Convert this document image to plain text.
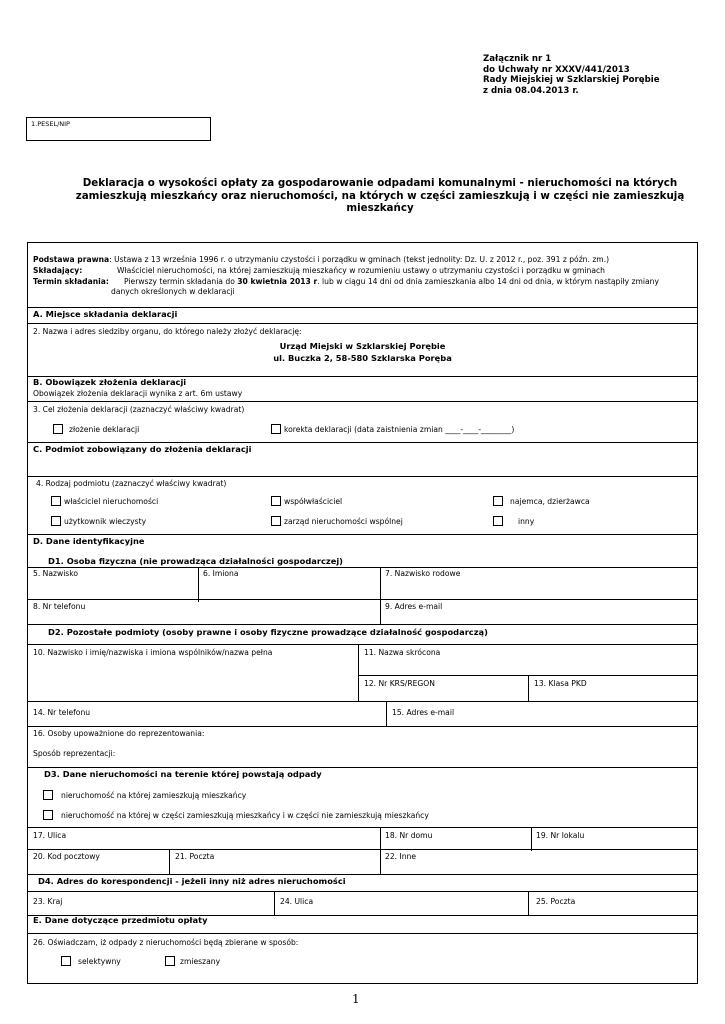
Załącznik nr 1
do Uchwały nr XXXV/441/2013
Rady Miejskiej w Szklarskiej Porębie
z dnia 08.04.2013 r.
1.PESEL/NIP
Deklaracja o wysokości opłaty za gospodarowanie odpadami komunalnymi - nieruchomości na których
zamieszkują mieszkańcy oraz nieruchomości, na których w części zamieszkują i w części nie zamieszkują
mieszkańcy
Podstawa prawna: Ustawa z 13 września 1996 r. o utrzymaniu czystości i porządku w gminach (tekst jednolity: Dz. U. z 2012 r., poz. 391 z późn. zm.)
Składający:	Właściciel nieruchomości, na której zamieszkują mieszkańcy w rozumieniu ustawy o utrzymaniu czystości i porządku w gminach
Termin składania: Pierwszy termin składania do 30 kwietnia 2013 r. lub w ciągu 14 dni od dnia zamieszkania albo 14 dni od dnia, w którym nastąpiły zmiany
danych określonych w deklaracji
A. Miejsce składania deklaracji
2. Nazwa i adres siedziby organu, do którego należy złożyć deklarację:
Urząd Miejski w Szklarskiej Porębie
ul. Buczka 2, 58-580 Szklarska Poręba
B. Obowiązek złożenia deklaracji
Obowiązek złożenia deklaracji wynika z art. 6m ustawy
3. Cel złożenia deklaracji (zaznaczyć właściwy kwadrat)
złożenie deklaracji	korekta deklaracji (data zaistnienia zmian ____-____-________)
C. Podmiot zobowiązany do złożenia deklaracji
4. Rodzaj podmiotu (zaznaczyć właściwy kwadrat)
właściciel nieruchomości	współwłaściciel	najemca, dzierżawca
użytkownik wieczysty	zarząd nieruchomości wspólnej	inny
D. Dane identyfikacyjne
D1. Osoba fizyczna (nie prowadząca działalności gospodarczej)
5. Nazwisko	6. Imiona	7. Nazwisko rodowe
8. Nr telefonu	9. Adres e-mail
D2. Pozostałe podmioty (osoby prawne i osoby fizyczne prowadzące działalność gospodarczą)
10. Nazwisko i imię/nazwiska i imiona wspólników/nazwa pełna	11. Nazwa skrócona
12. Nr KRS/REGON	13. Klasa PKD
14. Nr telefonu	15. Adres e-mail
16. Osoby upoważnione do reprezentowania:
Sposób reprezentacji:
D3. Dane nieruchomości na terenie której powstają odpady
nieruchomość na której zamieszkują mieszkańcy
nieruchomość na której w części zamieszkują mieszkańcy i w części nie zamieszkują mieszkańcy
17. Ulica	18. Nr domu	19. Nr lokalu
20. Kod pocztowy	21. Poczta	22. Inne
D4. Adres do korespondencji - jeżeli inny niż adres nieruchomości
23. Kraj	24. Ulica	25. Poczta
E. Dane dotyczące przedmiotu opłaty
26. Oświadczam, iż odpady z nieruchomości będą zbierane w sposób:
selektywny	zmieszany
1
